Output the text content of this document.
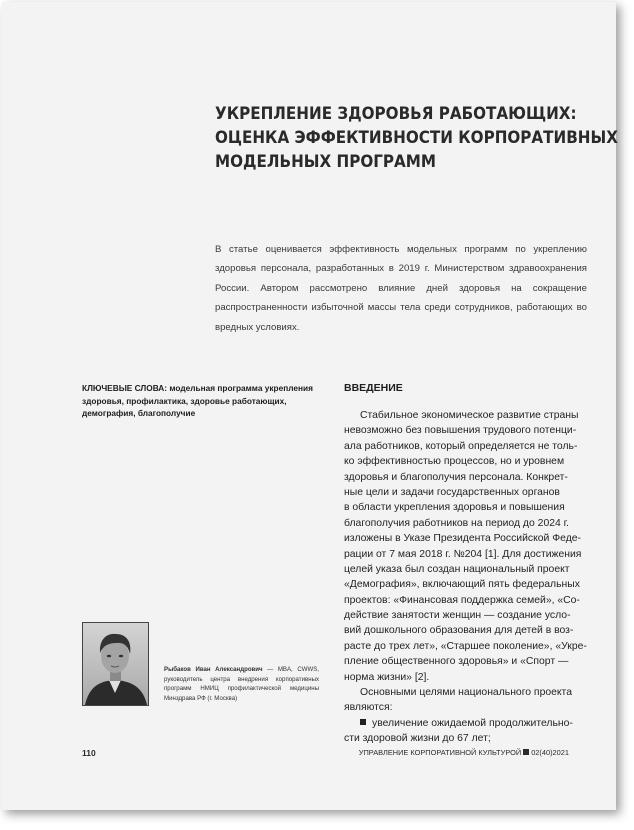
УКРЕПЛЕНИЕ ЗДОРОВЬЯ РАБОТАЮЩИХ:
ОЦЕНКА ЭФФЕКТИВНОСТИ КОРПОРАТИВНЫХ
МОДЕЛЬНЫХ ПРОГРАММ
В статье оценивается эффективность модельных программ по укреплению здоровья персонала, разработанных в 2019 г. Министерством здравоохранения России. Автором рассмотрено влияние дней здоровья на сокращение распространенности избыточной массы тела среди сотрудников, работающих во вредных условиях.
КЛЮЧЕВЫЕ СЛОВА: модельная программа укрепления здоровья, профилактика, здоровье работающих, демография, благополучие
ВВЕДЕНИЕ
Стабильное экономическое развитие страны
невозможно без повышения трудового потенци-
ала работников, который определяется не толь-
ко эффективностью процессов, но и уровнем
здоровья и благополучия персонала. Конкрет-
ные цели и задачи государственных органов
в области укрепления здоровья и повышения
благополучия работников на период до 2024 г.
изложены в Указе Президента Российской Феде-
рации от 7 мая 2018 г. №204 [1]. Для достижения
целей указа был создан национальный проект
«Демография», включающий пять федеральных
проектов: «Финансовая поддержка семей», «Со-
действие занятости женщин — создание усло-
вий дошкольного образования для детей в воз-
расте до трех лет», «Старшее поколение», «Укре-
пление общественного здоровья» и «Спорт —
норма жизни» [2].
Основными целями национального проекта
являются:
увеличение ожидаемой продолжительно-
сти здоровой жизни до 67 лет;
Рыбаков Иван Александрович — MBA, CWWS, руководитель центра внедрения корпоративных программ НМИЦ профилактической медицины Минздрава РФ (г. Москва)
110	УПРАВЛЕНИЕ КОРПОРАТИВНОЙ КУЛЬТУРОЙ 02(40)2021
